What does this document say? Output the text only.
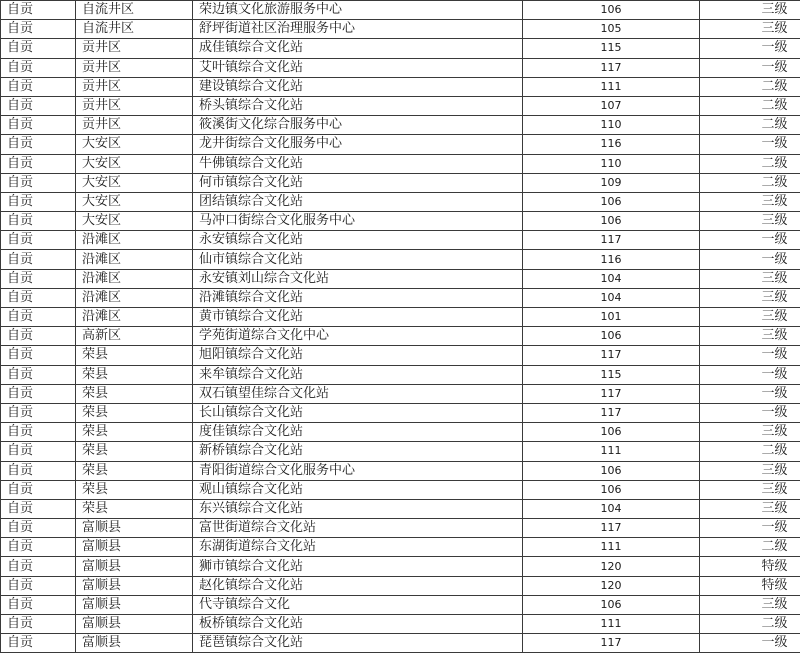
自贡	自流井区	荣边镇文化旅游服务中心	106	三级
自贡	自流井区	舒坪街道社区治理服务中心	105	三级
自贡	贡井区	成佳镇综合文化站	115	一级
自贡	贡井区	艾叶镇综合文化站	117	一级
自贡	贡井区	建设镇综合文化站	111	二级
自贡	贡井区	桥头镇综合文化站	107	二级
自贡	贡井区	筱溪街文化综合服务中心	110	二级
自贡	大安区	龙井街综合文化服务中心	116	一级
自贡	大安区	牛佛镇综合文化站	110	二级
自贡	大安区	何市镇综合文化站	109	二级
自贡	大安区	团结镇综合文化站	106	三级
自贡	大安区	马冲口街综合文化服务中心	106	三级
自贡	沿滩区	永安镇综合文化站	117	一级
自贡	沿滩区	仙市镇综合文化站	116	一级
自贡	沿滩区	永安镇刘山综合文化站	104	三级
自贡	沿滩区	沿滩镇综合文化站	104	三级
自贡	沿滩区	黄市镇综合文化站	101	三级
自贡	高新区	学苑街道综合文化中心	106	三级
自贡	荣县	旭阳镇综合文化站	117	一级
自贡	荣县	来牟镇综合文化站	115	一级
自贡	荣县	双石镇望佳综合文化站	117	一级
自贡	荣县	长山镇综合文化站	117	一级
自贡	荣县	度佳镇综合文化站	106	三级
自贡	荣县	新桥镇综合文化站	111	二级
自贡	荣县	青阳街道综合文化服务中心	106	三级
自贡	荣县	观山镇综合文化站	106	三级
自贡	荣县	东兴镇综合文化站	104	三级
自贡	富顺县	富世街道综合文化站	117	一级
自贡	富顺县	东湖街道综合文化站	111	二级
自贡	富顺县	狮市镇综合文化站	120	特级
自贡	富顺县	赵化镇综合文化站	120	特级
自贡	富顺县	代寺镇综合文化	106	三级
自贡	富顺县	板桥镇综合文化站	111	二级
自贡	富顺县	琵琶镇综合文化站	117	一级
